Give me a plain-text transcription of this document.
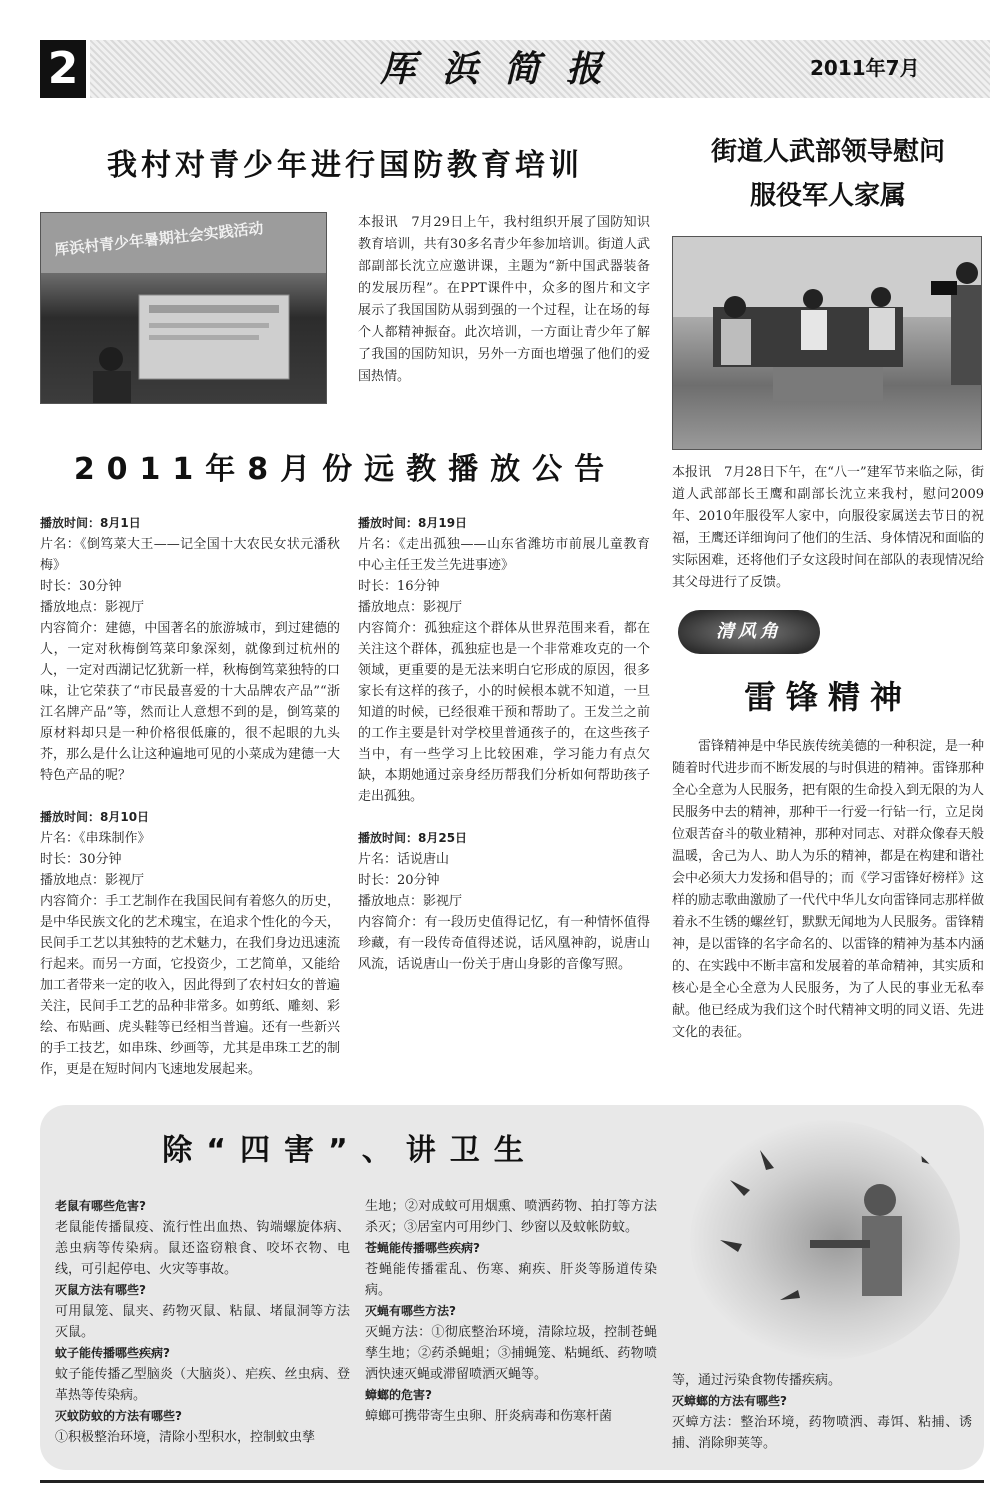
2	厍浜简报	2011年7月
我村对青少年进行国防教育培训
厍浜村青少年暑期社会实践活动	本报讯　7月29日上午，我村组织开展了国防知识教育培训，共有30多名青少年参加培训。街道人武部副部长沈立应邀讲课，主题为“新中国武器装备的发展历程”。在PPT课件中，众多的图片和文字展示了我国国防从弱到强的一个过程，让在场的每个人都精神振奋。此次培训，一方面让青少年了解了我国的国防知识，另外一方面也增强了他们的爱国热情。
街道人武部领导慰问
服役军人家属
本报讯　7月28日下午，在“八一”建军节来临之际，街道人武部部长王鹰和副部长沈立来我村，慰问2009年、2010年服役军人家中，向服役家属送去节日的祝福，王鹰还详细询问了他们的生活、身体情况和面临的实际困难，还将他们子女这段时间在部队的表现情况给其父母进行了反馈。
2011年8月份远教播放公告
播放时间：8月1日
片名：《倒笃菜大王——记全国十大农民女状元潘秋梅》
时长：30分钟
播放地点：影视厅
内容简介：建德，中国著名的旅游城市，到过建德的人，一定对秋梅倒笃菜印象深刻，就像到过杭州的人，一定对西湖记忆犹新一样，秋梅倒笃菜独特的口味，让它荣获了“市民最喜爱的十大品牌农产品”“浙江名牌产品”等，然而让人意想不到的是，倒笃菜的原材料却只是一种价格很低廉的，很不起眼的九头芥，那么是什么让这种遍地可见的小菜成为建德一大特色产品的呢？
播放时间：8月10日
片名：《串珠制作》
时长：30分钟
播放地点：影视厅
内容简介：手工艺制作在我国民间有着悠久的历史，是中华民族文化的艺术瑰宝，在追求个性化的今天，民间手工艺以其独特的艺术魅力，在我们身边迅速流行起来。而另一方面，它投资少，工艺简单，又能给加工者带来一定的收入，因此得到了农村妇女的普遍关注，民间手工艺的品种非常多。如剪纸、雕刻、彩绘、布贴画、虎头鞋等已经相当普遍。还有一些新兴的手工技艺，如串珠、纱画等，尤其是串珠工艺的制作，更是在短时间内飞速地发展起来。
播放时间：8月19日
片名：《走出孤独——山东省潍坊市前展儿童教育中心主任王发兰先进事迹》
时长：16分钟
播放地点：影视厅
内容简介：孤独症这个群体从世界范围来看，都在关注这个群体，孤独症也是一个非常难攻克的一个领域，更重要的是无法来明白它形成的原因，很多家长有这样的孩子，小的时候根本就不知道，一旦知道的时候，已经很难干预和帮助了。王发兰之前的工作主要是针对学校里普通孩子的，在这些孩子当中，有一些学习上比较困难，学习能力有点欠缺，本期她通过亲身经历帮我们分析如何帮助孩子走出孤独。
播放时间：8月25日
片名：话说唐山
时长：20分钟
播放地点：影视厅
内容简介：有一段历史值得记忆，有一种情怀值得珍藏，有一段传奇值得述说，话风凰神韵，说唐山风流，话说唐山一份关于唐山身影的音像写照。
清风角
雷锋精神
雷锋精神是中华民族传统美德的一种积淀，是一种随着时代进步而不断发展的与时俱进的精神。雷锋那种全心全意为人民服务，把有限的生命投入到无限的为人民服务中去的精神，那种干一行爱一行钻一行，立足岗位艰苦奋斗的敬业精神，那种对同志、对群众像春天般温暖，舍己为人、助人为乐的精神，都是在构建和谐社会中必须大力发扬和倡导的；而《学习雷锋好榜样》这样的励志歌曲激励了一代代中华儿女向雷锋同志那样做着永不生锈的螺丝钉，默默无闻地为人民服务。雷锋精神，是以雷锋的名字命名的、以雷锋的精神为基本内涵的、在实践中不断丰富和发展着的革命精神，其实质和核心是全心全意为人民服务，为了人民的事业无私奉献。他已经成为我们这个时代精神文明的同义语、先进文化的表征。
除“四害”、讲卫生
老鼠有哪些危害?
老鼠能传播鼠疫、流行性出血热、钩端螺旋体病、恙虫病等传染病。鼠还盗窃粮食、咬坏衣物、电线，可引起停电、火灾等事故。
灭鼠方法有哪些?
可用鼠笼、鼠夹、药物灭鼠、粘鼠、堵鼠洞等方法灭鼠。
蚊子能传播哪些疾病?
蚊子能传播乙型脑炎（大脑炎）、疟疾、丝虫病、登革热等传染病。
灭蚊防蚊的方法有哪些?
①积极整治环境，清除小型积水，控制蚊虫孳
生地；②对成蚊可用烟熏、喷洒药物、拍打等方法杀灭；③居室内可用纱门、纱窗以及蚊帐防蚊。
苍蝇能传播哪些疾病?
苍蝇能传播霍乱、伤寒、痢疾、肝炎等肠道传染病。
灭蝇有哪些方法?
灭蝇方法：①彻底整治环境，清除垃圾，控制苍蝇孳生地；②药杀蝇蛆；③捕蝇笼、粘蝇纸、药物喷洒快速灭蝇或滞留喷洒灭蝇等。
蟑螂的危害?
蟑螂可携带寄生虫卵、肝炎病毒和伤寒杆菌
等，通过污染食物传播疾病。
灭蟑螂的方法有哪些?
灭蟑方法：整治环境，药物喷洒、毒饵、粘捕、诱捕、消除卵荚等。
